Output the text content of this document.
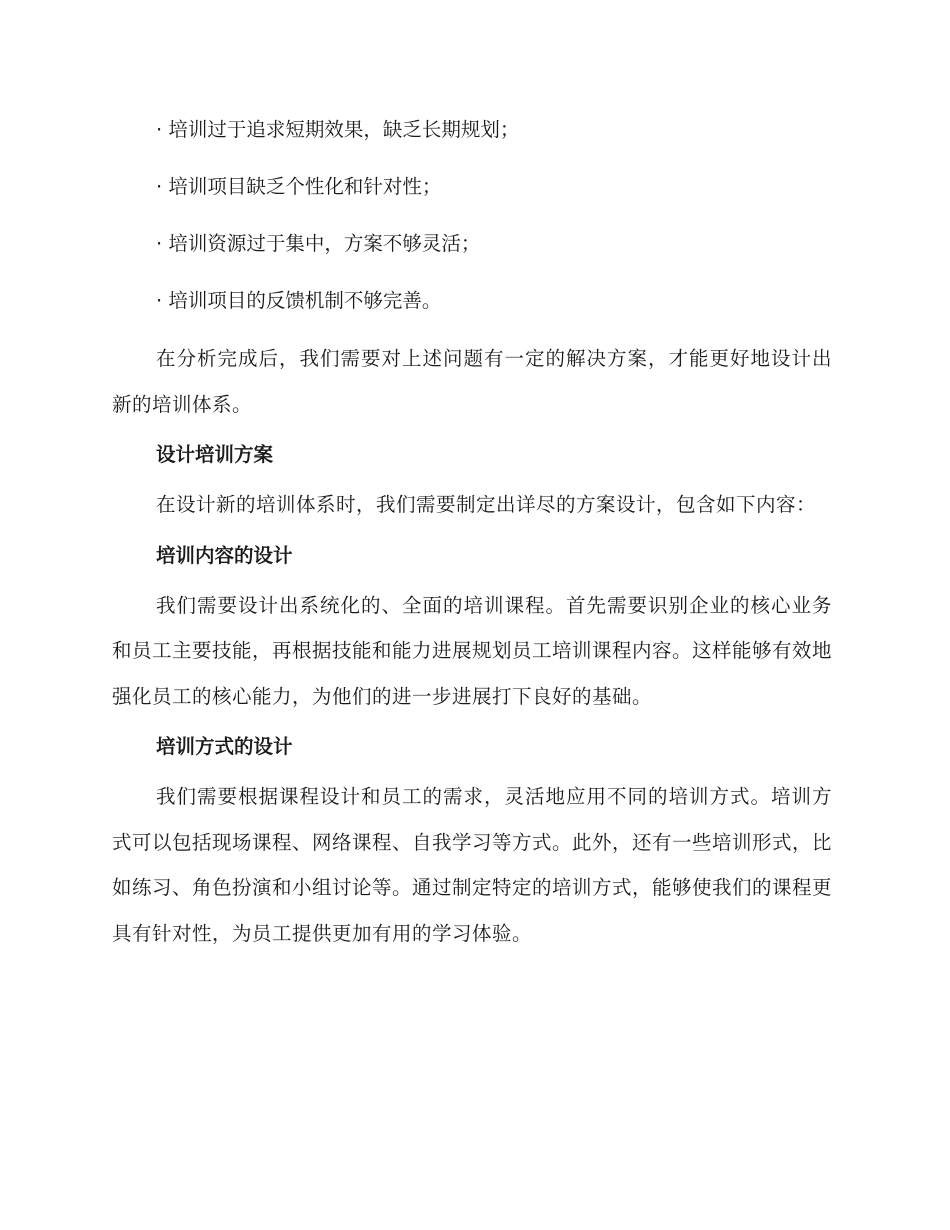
· 培训过于追求短期效果，缺乏长期规划；
· 培训项目缺乏个性化和针对性；
· 培训资源过于集中，方案不够灵活；
· 培训项目的反馈机制不够完善。

在分析完成后，我们需要对上述问题有一定的解决方案，才能更好地设计出新的培训体系。

设计培训方案

在设计新的培训体系时，我们需要制定出详尽的方案设计，包含如下内容：

培训内容的设计

我们需要设计出系统化的、全面的培训课程。首先需要识别企业的核心业务和员工主要技能，再根据技能和能力进展规划员工培训课程内容。这样能够有效地强化员工的核心能力，为他们的进一步进展打下良好的基础。

培训方式的设计

我们需要根据课程设计和员工的需求，灵活地应用不同的培训方式。培训方式可以包括现场课程、网络课程、自我学习等方式。此外，还有一些培训形式，比如练习、角色扮演和小组讨论等。通过制定特定的培训方式，能够使我们的课程更具有针对性，为员工提供更加有用的学习体验。
